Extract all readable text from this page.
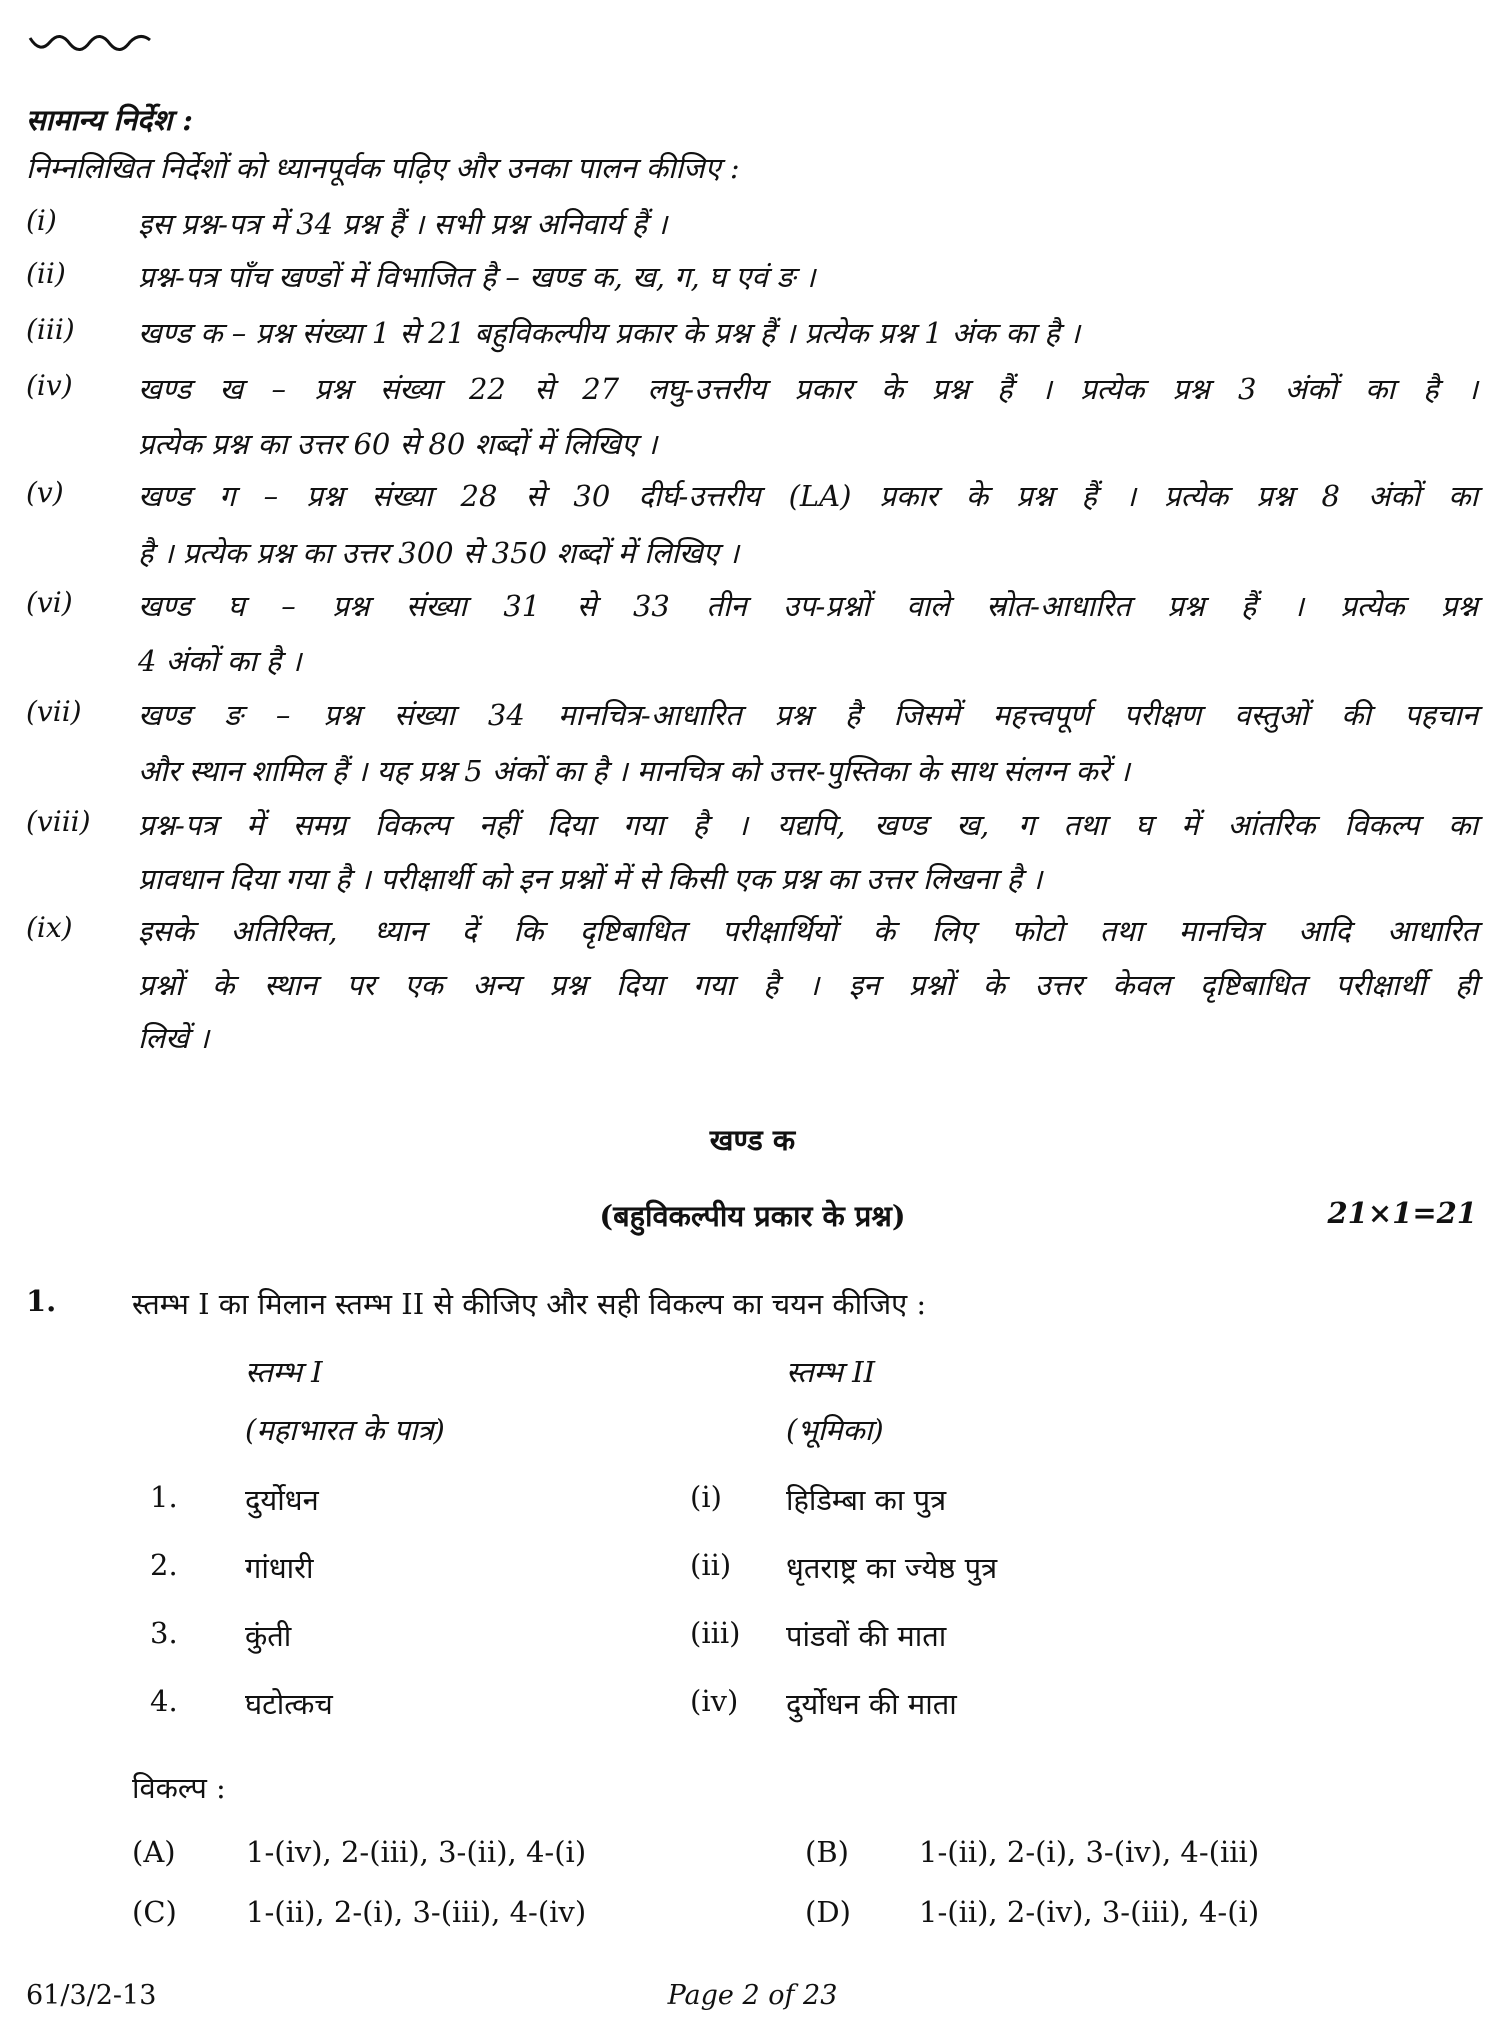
सामान्य निर्देश :
निम्नलिखित निर्देशों को ध्यानपूर्वक पढ़िए और उनका पालन कीजिए :
(i)	इस प्रश्न-पत्र में 34 प्रश्न हैं । सभी प्रश्न अनिवार्य हैं ।
(ii) प्रश्न-पत्र पाँच खण्डों में विभाजित है – खण्ड क, ख, ग, घ एवं ङ ।
(iii) खण्ड क – प्रश्न संख्या 1 से 21 बहुविकल्पीय प्रकार के प्रश्न हैं । प्रत्येक प्रश्न 1 अंक का है ।
(iv) खण्ड ख – प्रश्न संख्या 22 से 27 लघु-उत्तरीय प्रकार के प्रश्न हैं । प्रत्येक प्रश्न 3 अंकों का है ।
प्रत्येक प्रश्न का उत्तर 60 से 80 शब्दों में लिखिए ।
(v)	खण्ड ग – प्रश्न संख्या 28 से 30 दीर्घ-उत्तरीय (LA) प्रकार के प्रश्न हैं । प्रत्येक प्रश्न 8 अंकों का
है । प्रत्येक प्रश्न का उत्तर 300 से 350 शब्दों में लिखिए ।
(vi) खण्ड घ – प्रश्न संख्या 31 से 33 तीन उप-प्रश्नों वाले स्रोत-आधारित प्रश्न हैं । प्रत्येक प्रश्न
4 अंकों का है ।
(vii) खण्ड ङ – प्रश्न संख्या 34 मानचित्र-आधारित प्रश्न है जिसमें महत्त्वपूर्ण परीक्षण वस्तुओं की पहचान
और स्थान शामिल हैं । यह प्रश्न 5 अंकों का है । मानचित्र को उत्तर-पुस्तिका के साथ संलग्न करें ।
(viii) प्रश्न-पत्र में समग्र विकल्प नहीं दिया गया है । यद्यपि, खण्ड ख, ग तथा घ में आंतरिक विकल्प का
प्रावधान दिया गया है । परीक्षार्थी को इन प्रश्नों में से किसी एक प्रश्न का उत्तर लिखना है ।
(ix) इसके अतिरिक्त, ध्यान दें कि दृष्टिबाधित परीक्षार्थियों के लिए फोटो तथा मानचित्र आदि आधारित
प्रश्नों के स्थान पर एक अन्य प्रश्न दिया गया है । इन प्रश्नों के उत्तर केवल दृष्टिबाधित परीक्षार्थी ही
लिखें ।
खण्ड क
(बहुविकल्पीय प्रकार के प्रश्न)	21×1=21
1.	स्तम्भ I का मिलान स्तम्भ II से कीजिए और सही विकल्प का चयन कीजिए :
स्तम्भ I
(महाभारत के पात्र)
स्तम्भ II
(भूमिका)
1. दुर्योधन	(i) हिडिम्बा का पुत्र
2. गांधारी	(ii) धृतराष्ट्र का ज्येष्ठ पुत्र
3. कुंती	(iii) पांडवों की माता
4. घटोत्कच	(iv) दुर्योधन की माता
विकल्प :
(A) 1-(iv), 2-(iii), 3-(ii), 4-(i)	(B) 1-(ii), 2-(i), 3-(iv), 4-(iii)
(C) 1-(ii), 2-(i), 3-(iii), 4-(iv)	(D) 1-(ii), 2-(iv), 3-(iii), 4-(i)
61/3/2-13	Page 2 of 23
